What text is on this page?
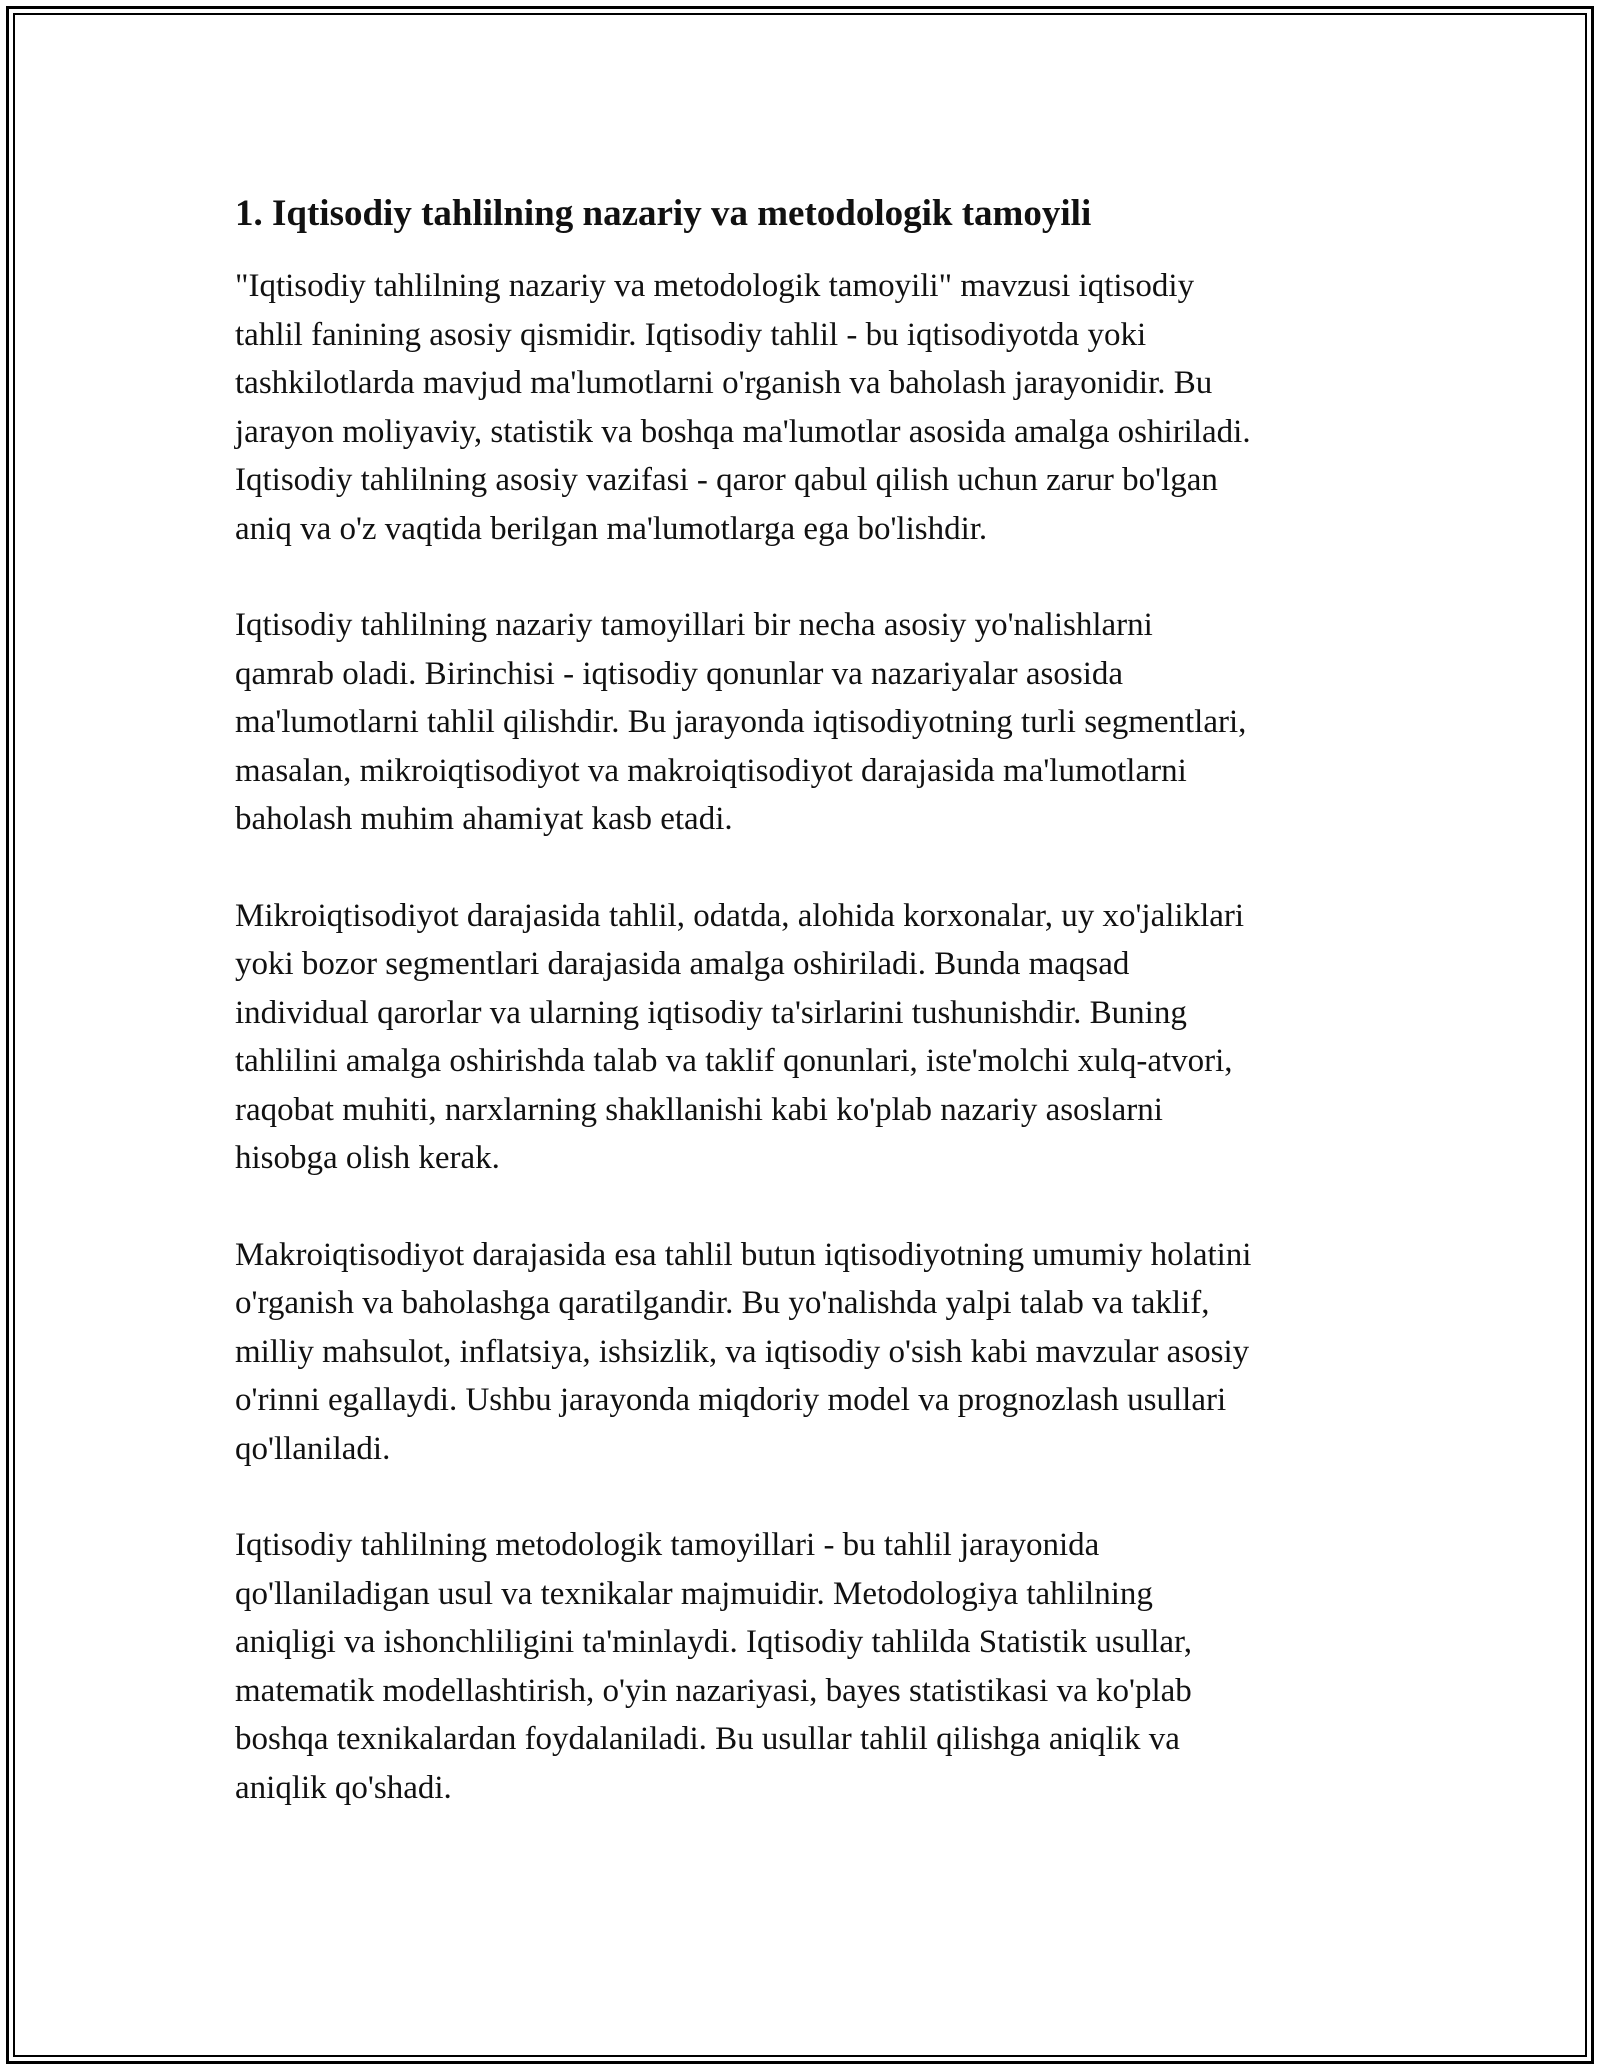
1. Iqtisodiy tahlilning nazariy va metodologik tamoyili

"Iqtisodiy tahlilning nazariy va metodologik tamoyili" mavzusi iqtisodiy
tahlil fanining asosiy qismidir. Iqtisodiy tahlil - bu iqtisodiyotda yoki
tashkilotlarda mavjud ma'lumotlarni o'rganish va baholash jarayonidir. Bu
jarayon moliyaviy, statistik va boshqa ma'lumotlar asosida amalga oshiriladi.
Iqtisodiy tahlilning asosiy vazifasi - qaror qabul qilish uchun zarur bo'lgan
aniq va o'z vaqtida berilgan ma'lumotlarga ega bo'lishdir.

Iqtisodiy tahlilning nazariy tamoyillari bir necha asosiy yo'nalishlarni
qamrab oladi. Birinchisi - iqtisodiy qonunlar va nazariyalar asosida
ma'lumotlarni tahlil qilishdir. Bu jarayonda iqtisodiyotning turli segmentlari,
masalan, mikroiqtisodiyot va makroiqtisodiyot darajasida ma'lumotlarni
baholash muhim ahamiyat kasb etadi.

Mikroiqtisodiyot darajasida tahlil, odatda, alohida korxonalar, uy xo'jaliklari
yoki bozor segmentlari darajasida amalga oshiriladi. Bunda maqsad
individual qarorlar va ularning iqtisodiy ta'sirlarini tushunishdir. Buning
tahlilini amalga oshirishda talab va taklif qonunlari, iste'molchi xulq-atvori,
raqobat muhiti, narxlarning shakllanishi kabi ko'plab nazariy asoslarni
hisobga olish kerak.

Makroiqtisodiyot darajasida esa tahlil butun iqtisodiyotning umumiy holatini
o'rganish va baholashga qaratilgandir. Bu yo'nalishda yalpi talab va taklif,
milliy mahsulot, inflatsiya, ishsizlik, va iqtisodiy o'sish kabi mavzular asosiy
o'rinni egallaydi. Ushbu jarayonda miqdoriy model va prognozlash usullari
qo'llaniladi.

Iqtisodiy tahlilning metodologik tamoyillari - bu tahlil jarayonida
qo'llaniladigan usul va texnikalar majmuidir. Metodologiya tahlilning
aniqligi va ishonchliligini ta'minlaydi. Iqtisodiy tahlilda Statistik usullar,
matematik modellashtirish, o'yin nazariyasi, bayes statistikasi va ko'plab
boshqa texnikalardan foydalaniladi. Bu usullar tahlil qilishga aniqlik va
aniqlik qo'shadi.
